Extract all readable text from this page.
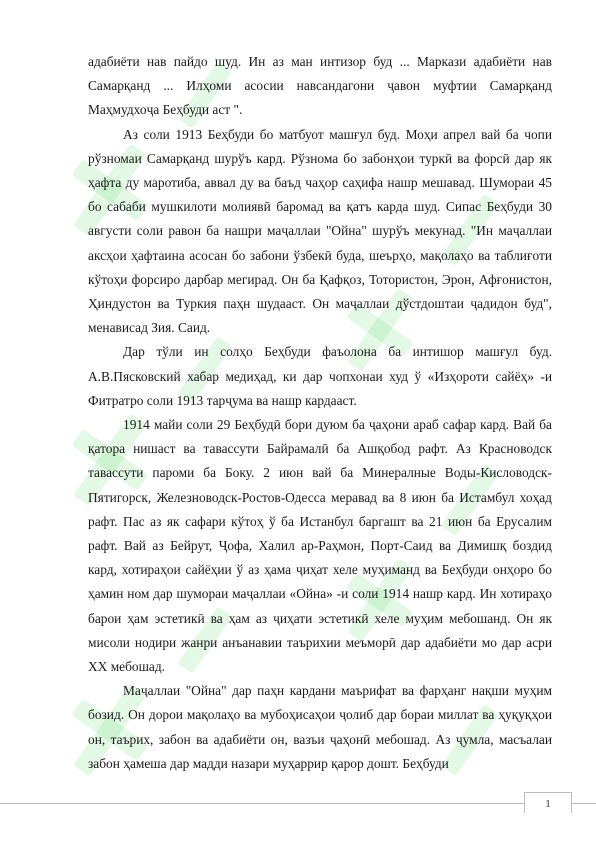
адабиёти нав пайдо шуд. Ин аз ман интизор буд ... Маркази адабиёти нав Самарқанд ... Илҳоми асосии навсандагони ҷавон муфтии Самарқанд Маҳмудхоҷа Беҳбуди аст ".

Аз соли 1913 Беҳбуди бо матбуот машғул буд. Моҳи апрел вай ба чопи рўзномаи Самарқанд шурўъ кард. Рўзнома бо забонҳои туркӣ ва форсӣ дар як ҳафта ду маротиба, аввал ду ва баъд чаҳор саҳифа нашр мешавад. Шумораи 45 бо сабаби мушкилоти молиявӣ баромад ва қатъ карда шуд. Сипас Беҳбуди 30 августи соли равон ба нашри маҷаллаи "Ойна" шурўъ мекунад. "Ин маҷаллаи аксҳои ҳафтаина асосан бо забони ўзбекӣ буда, шеърҳо, мақолаҳо ва таблиғоти кўтоҳи форсиро дарбар мегирад. Он ба Қафқоз, Тотористон, Эрон, Афғонистон, Ҳиндустон ва Туркия паҳн шудааст. Он маҷаллаи дўстдоштаи ҷадидон буд", менависад Зия. Саид.

Дар тўли ин солҳо Беҳбуди фаъолона ба интишор машғул буд. А.В.Пясковский хабар медиҳад, ки дар чопхонаи худ ў «Изҳороти сайёҳ» -и Фитратро соли 1913 тарҷума ва нашр кардааст.

1914 майи соли 29 Беҳбудӣ бори дуюм ба ҷаҳони араб сафар кард. Вай ба қатора нишаст ва тавассути Байрамалӣ ба Ашқобод рафт. Аз Красноводск тавассути пароми ба Боку. 2 июн вай ба Минералные Воды-Кисловодск-Пятигорск, Железноводск-Ростов-Одесса меравад ва 8 июн ба Истамбул хоҳад рафт. Пас аз як сафари кўтоҳ ў ба Истанбул баргашт ва 21 июн ба Ерусалим рафт. Вай аз Бейрут, Ҷофа, Халил ар-Раҳмон, Порт-Саид ва Димишқ боздид кард, хотираҳои сайёҳии ў аз ҳама ҷиҳат хеле муҳиманд ва Беҳбуди онҳоро бо ҳамин ном дар шумораи маҷаллаи «Ойна» -и соли 1914 нашр кард. Ин хотираҳо барои ҳам эстетикӣ ва ҳам аз ҷиҳати эстетикӣ хеле муҳим мебошанд. Он як мисоли нодири жанри анъанавии таърихии меъморӣ дар адабиёти мо дар асри XX мебошад.

Маҷаллаи "Ойна" дар паҳн кардани маърифат ва фарҳанг нақши муҳим бозид. Он дорои мақолаҳо ва мубоҳисаҳои ҷолиб дар бораи миллат ва ҳуқуқҳои он, таърих, забон ва адабиёти он, вазъи ҷаҳонӣ мебошад. Аз ҷумла, масъалаи забон ҳамеша дар мадди назари муҳаррир қарор дошт. Беҳбуди

1
